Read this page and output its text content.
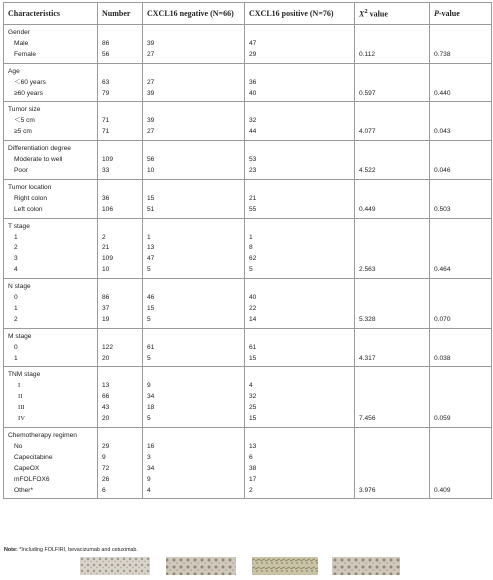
Characteristics	Number	CXCL16 negative (N=66)	CXCL16 positive (N=76)	$X^2$ value	P-value
Gender					
Male	86	39	47		
Female	56	27	29	0.112	0.738
Age					
＜60 years	63	27	36		
≥60 years	79	39	40	0.597	0.440
Tumor size					
＜5 cm	71	39	32		
≥5 cm	71	27	44	4.077	0.043
Differentiation degree					
Moderate to well	109	56	53		
Poor	33	10	23	4.522	0.046
Tumor location					
Right colon	36	15	21		
Left colon	106	51	55	0.449	0.503
T stage					
1	2	1	1		
2	21	13	8		
3	109	47	62		
4	10	5	5	2.563	0.464
N stage					
0	86	46	40		
1	37	15	22		
2	19	5	14	5.328	0.070
M stage					
0	122	61	61		
1	20	5	15	4.317	0.038
TNM stage					
I	13	9	4		
II	66	34	32		
III	43	18	25		
IV	20	5	15	7.456	0.059
Chemotherapy regimen					
No	29	16	13		
Capecitabine	9	3	6		
CapeOX	72	34	38		
mFOLFOX6	26	9	17		
Other*	6	4	2	3.976	0.409
Note: *Including FOLFIRI, bevacizumab and cetuximab.
